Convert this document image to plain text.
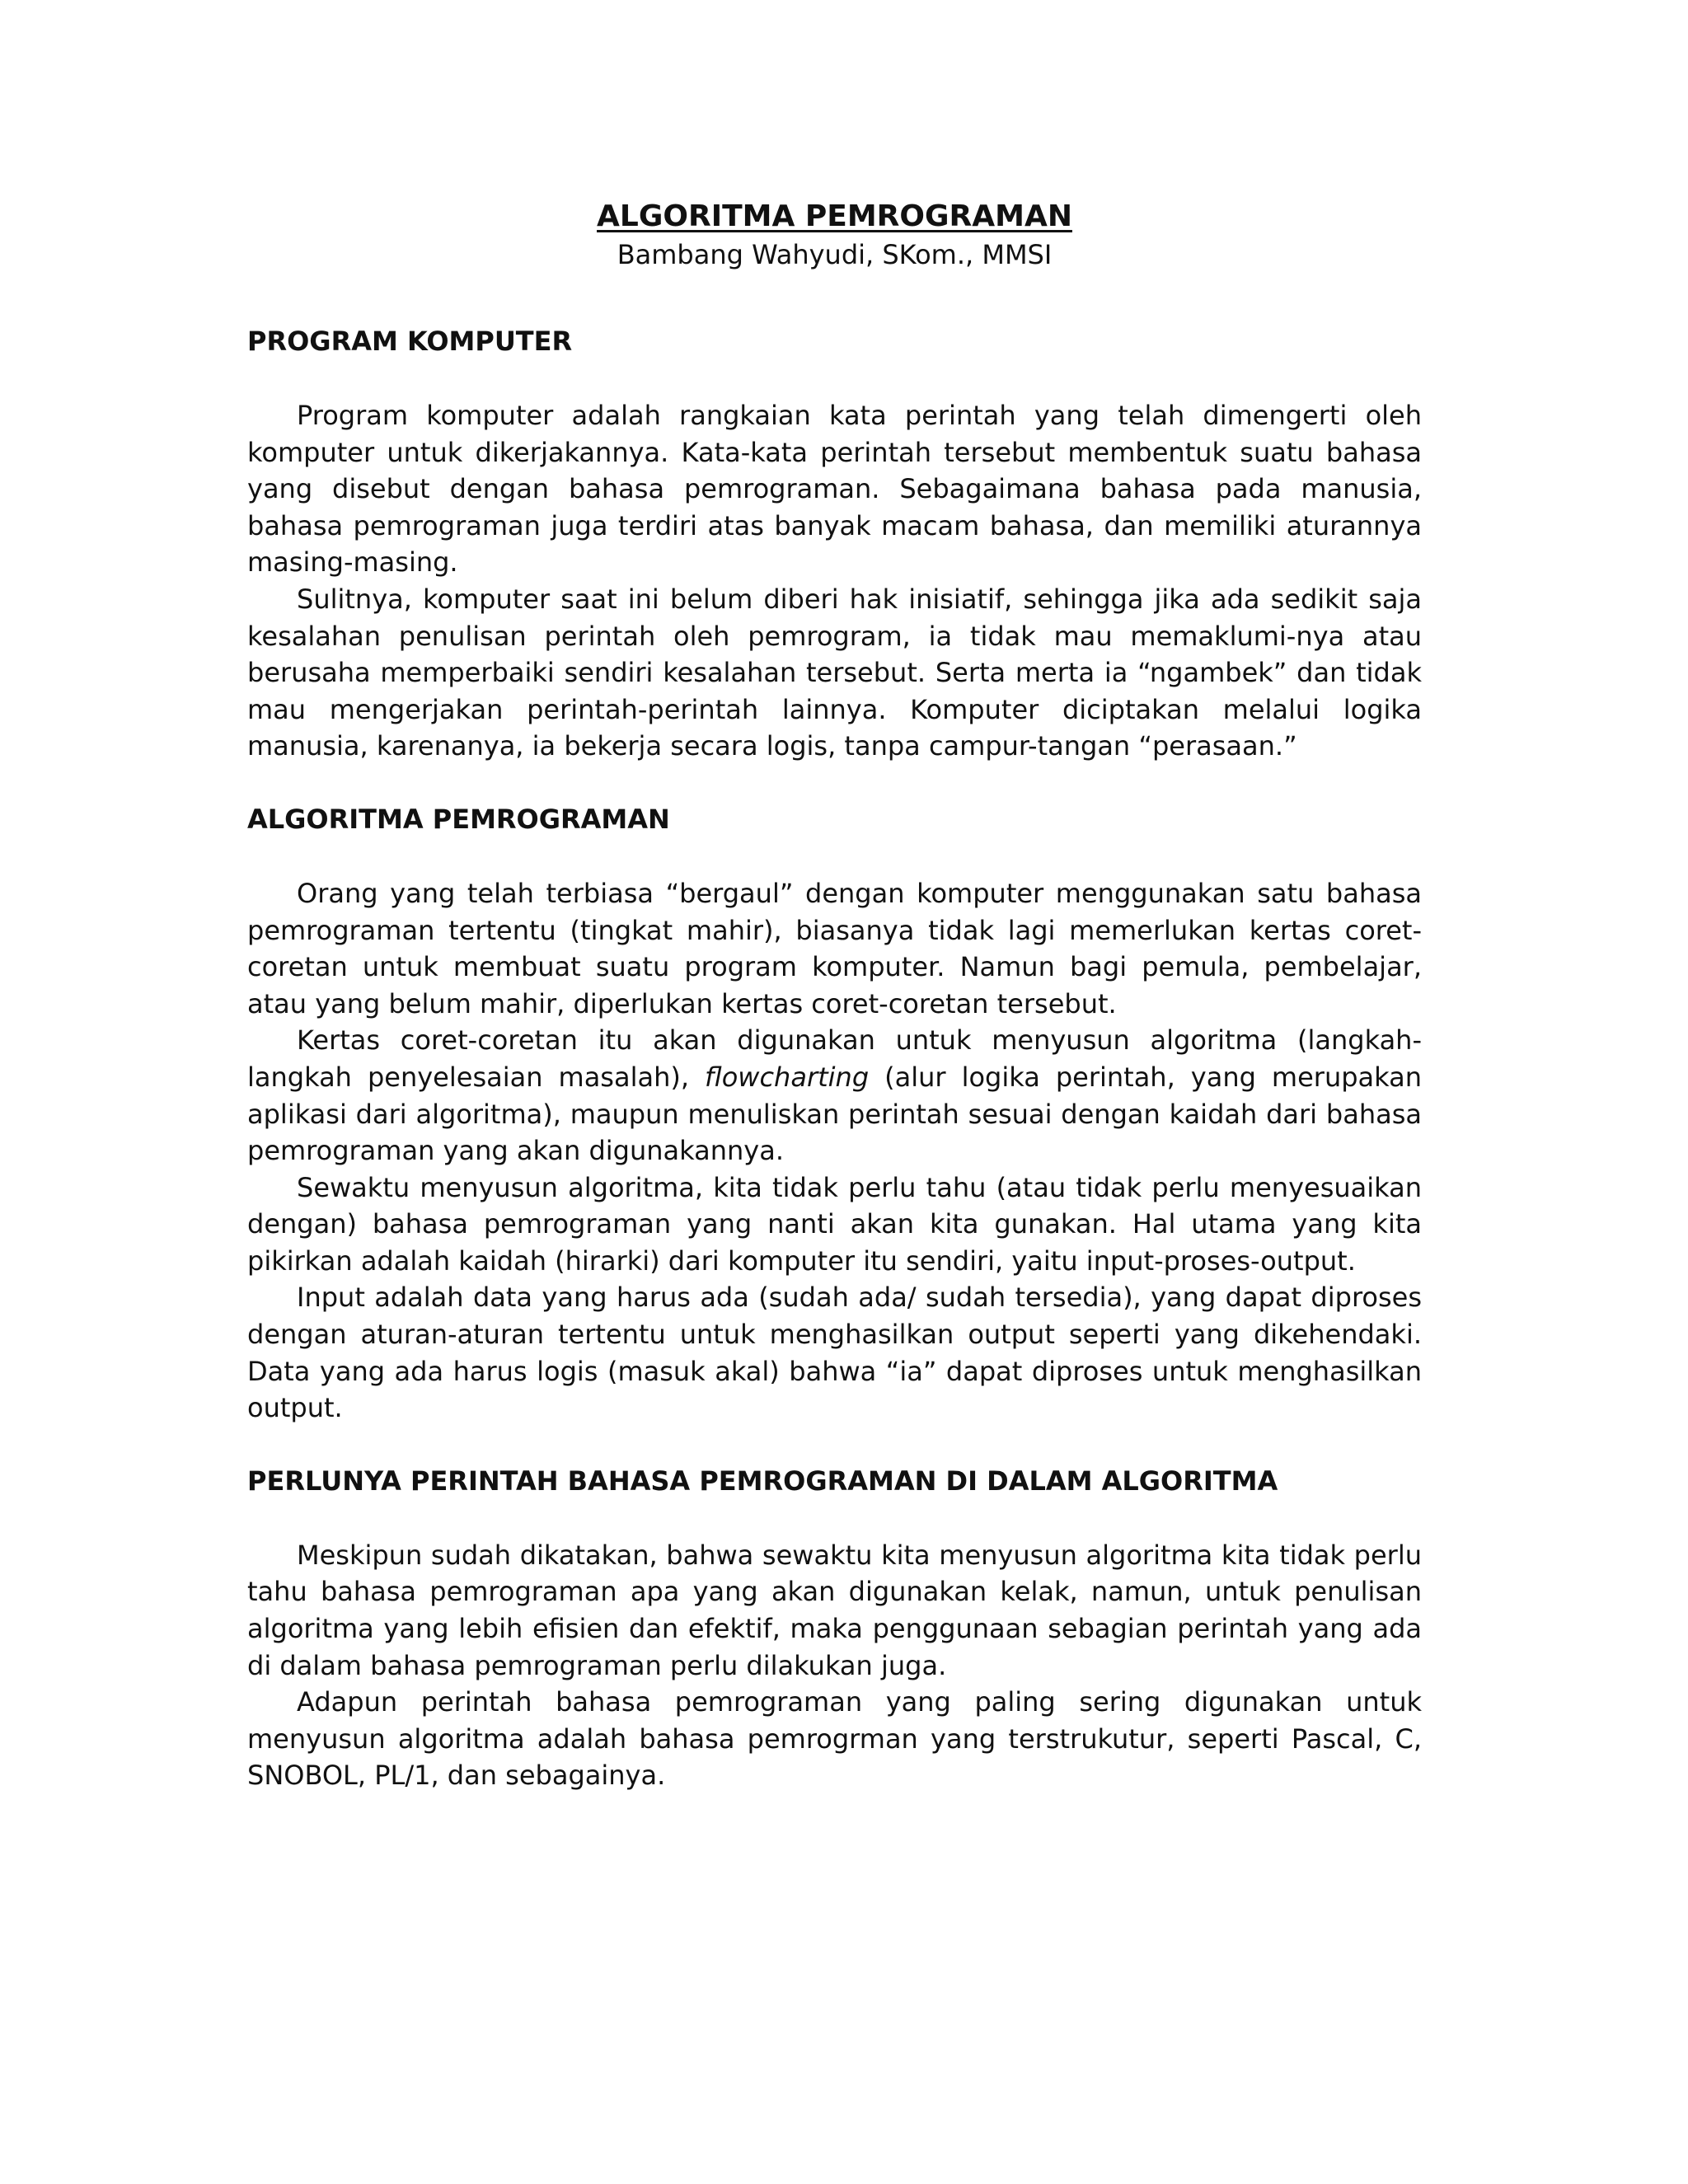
ALGORITMA PEMROGRAMAN

Bambang Wahyudi, SKom., MMSI

PROGRAM KOMPUTER

Program komputer adalah rangkaian kata perintah yang telah dimengerti oleh komputer untuk dikerjakannya. Kata-kata perintah tersebut membentuk suatu bahasa yang disebut dengan bahasa pemrograman. Sebagaimana bahasa pada manusia, bahasa pemrograman juga terdiri atas banyak macam bahasa, dan memiliki aturannya masing-masing.

Sulitnya, komputer saat ini belum diberi hak inisiatif, sehingga jika ada sedikit saja kesalahan penulisan perintah oleh pemrogram, ia tidak mau memaklumi-nya atau berusaha memperbaiki sendiri kesalahan tersebut. Serta merta ia “ngambek” dan tidak mau mengerjakan perintah-perintah lainnya. Komputer diciptakan melalui logika manusia, karenanya, ia bekerja secara logis, tanpa campur-tangan “perasaan.”

ALGORITMA PEMROGRAMAN

Orang yang telah terbiasa “bergaul” dengan komputer menggunakan satu bahasa pemrograman tertentu (tingkat mahir), biasanya tidak lagi memerlukan kertas coret-coretan untuk membuat suatu program komputer. Namun bagi pemula, pembelajar, atau yang belum mahir, diperlukan kertas coret-coretan tersebut.

Kertas coret-coretan itu akan digunakan untuk menyusun algoritma (langkah-langkah penyelesaian masalah), flowcharting (alur logika perintah, yang merupakan aplikasi dari algoritma), maupun menuliskan perintah sesuai dengan kaidah dari bahasa pemrograman yang akan digunakannya.

Sewaktu menyusun algoritma, kita tidak perlu tahu (atau tidak perlu menyesuaikan dengan) bahasa pemrograman yang nanti akan kita gunakan. Hal utama yang kita pikirkan adalah kaidah (hirarki) dari komputer itu sendiri, yaitu input-proses-output.

Input adalah data yang harus ada (sudah ada/ sudah tersedia), yang dapat diproses dengan aturan-aturan tertentu untuk menghasilkan output seperti yang dikehendaki. Data yang ada harus logis (masuk akal) bahwa “ia” dapat diproses untuk menghasilkan output.

PERLUNYA PERINTAH BAHASA PEMROGRAMAN DI DALAM ALGORITMA

Meskipun sudah dikatakan, bahwa sewaktu kita menyusun algoritma kita tidak perlu tahu bahasa pemrograman apa yang akan digunakan kelak, namun, untuk penulisan algoritma yang lebih efisien dan efektif, maka penggunaan sebagian perintah yang ada di dalam bahasa pemrograman perlu dilakukan juga.

Adapun perintah bahasa pemrograman yang paling sering digunakan untuk menyusun algoritma adalah bahasa pemrogrman yang terstrukutur, seperti Pascal, C, SNOBOL, PL/1, dan sebagainya.
